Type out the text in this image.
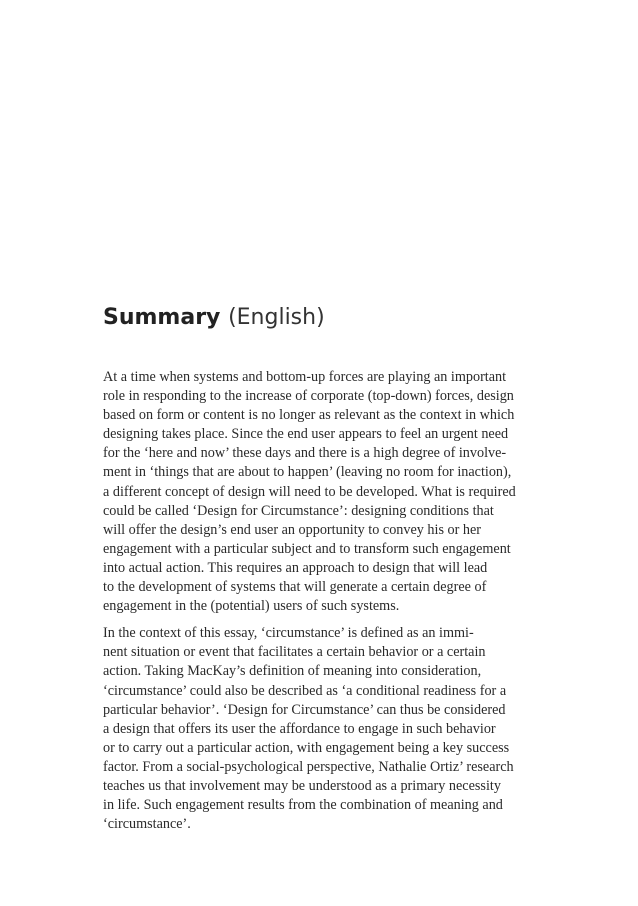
Summary (English)
At a time when systems and bottom-up forces are playing an important
role in responding to the increase of corporate (top-down) forces, design
based on form or content is no longer as relevant as the context in which
designing takes place. Since the end user appears to feel an urgent need
for the ‘here and now’ these days and there is a high degree of involve-
ment in ‘things that are about to happen’ (leaving no room for inaction),
a different concept of design will need to be developed. What is required
could be called ‘Design for Circumstance’: designing conditions that
will offer the design’s end user an opportunity to convey his or her
engagement with a particular subject and to transform such engagement
into actual action. This requires an approach to design that will lead
to the development of systems that will generate a certain degree of
engagement in the (potential) users of such systems.
In the context of this essay, ‘circumstance’ is defined as an immi-
nent situation or event that facilitates a certain behavior or a certain
action. Taking MacKay’s definition of meaning into consideration,
‘circumstance’ could also be described as ‘a conditional readiness for a
particular behavior’. ‘Design for Circumstance’ can thus be considered
a design that offers its user the affordance to engage in such behavior
or to carry out a particular action, with engagement being a key success
factor. From a social-psychological perspective, Nathalie Ortiz’ research
teaches us that involvement may be understood as a primary necessity
in life. Such engagement results from the combination of meaning and
‘circumstance’.
